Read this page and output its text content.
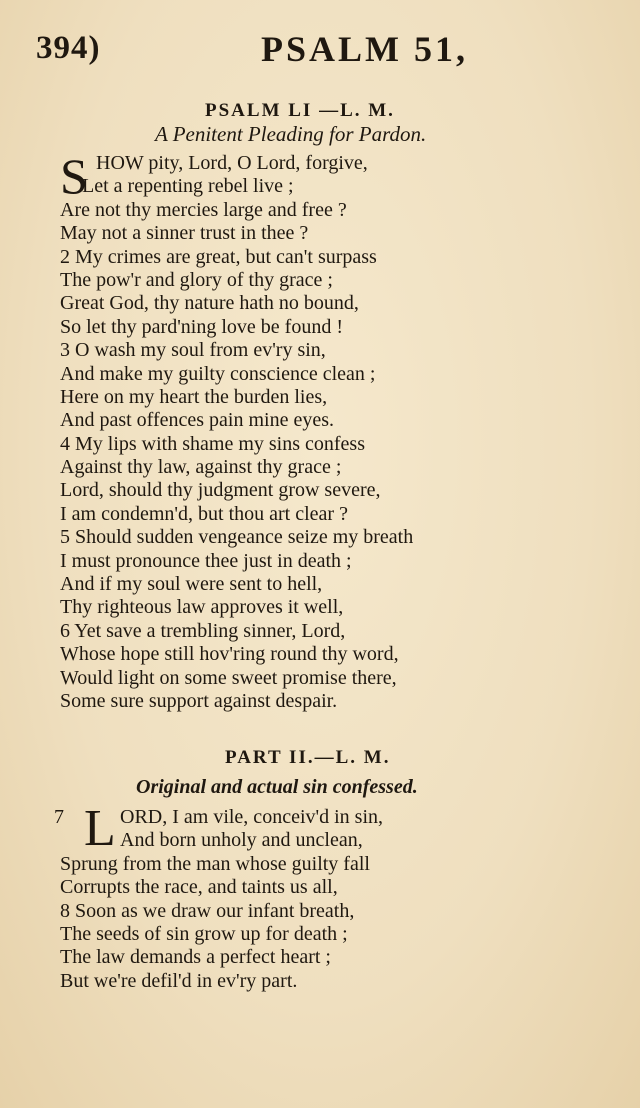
394)	PSALM 51,
PSALM LI —L. M.
A Penitent Pleading for Pardon.
S HOW pity, Lord, O Lord, forgive,
Let a repenting rebel live ;
Are not thy mercies large and free ?
May not a sinner trust in thee ?
2 My crimes are great, but can't surpass
The pow'r and glory of thy grace ;
Great God, thy nature hath no bound,
So let thy pard'ning love be found !
3 O wash my soul from ev'ry sin,
And make my guilty conscience clean ;
Here on my heart the burden lies,
And past offences pain mine eyes.
4 My lips with shame my sins confess
Against thy law, against thy grace ;
Lord, should thy judgment grow severe,
I am condemn'd, but thou art clear ?
5 Should sudden vengeance seize my breath
I must pronounce thee just in death ;
And if my soul were sent to hell,
Thy righteous law approves it well,
6 Yet save a trembling sinner, Lord,
Whose hope still hov'ring round thy word,
Would light on some sweet promise there,
Some sure support against despair.
PART II.—L. M.
Original and actual sin confessed.
7 L ORD, I am vile, conceiv'd in sin,
And born unholy and unclean,
Sprung from the man whose guilty fall
Corrupts the race, and taints us all,
8 Soon as we draw our infant breath,
The seeds of sin grow up for death ;
The law demands a perfect heart ;
But we're defil'd in ev'ry part.
